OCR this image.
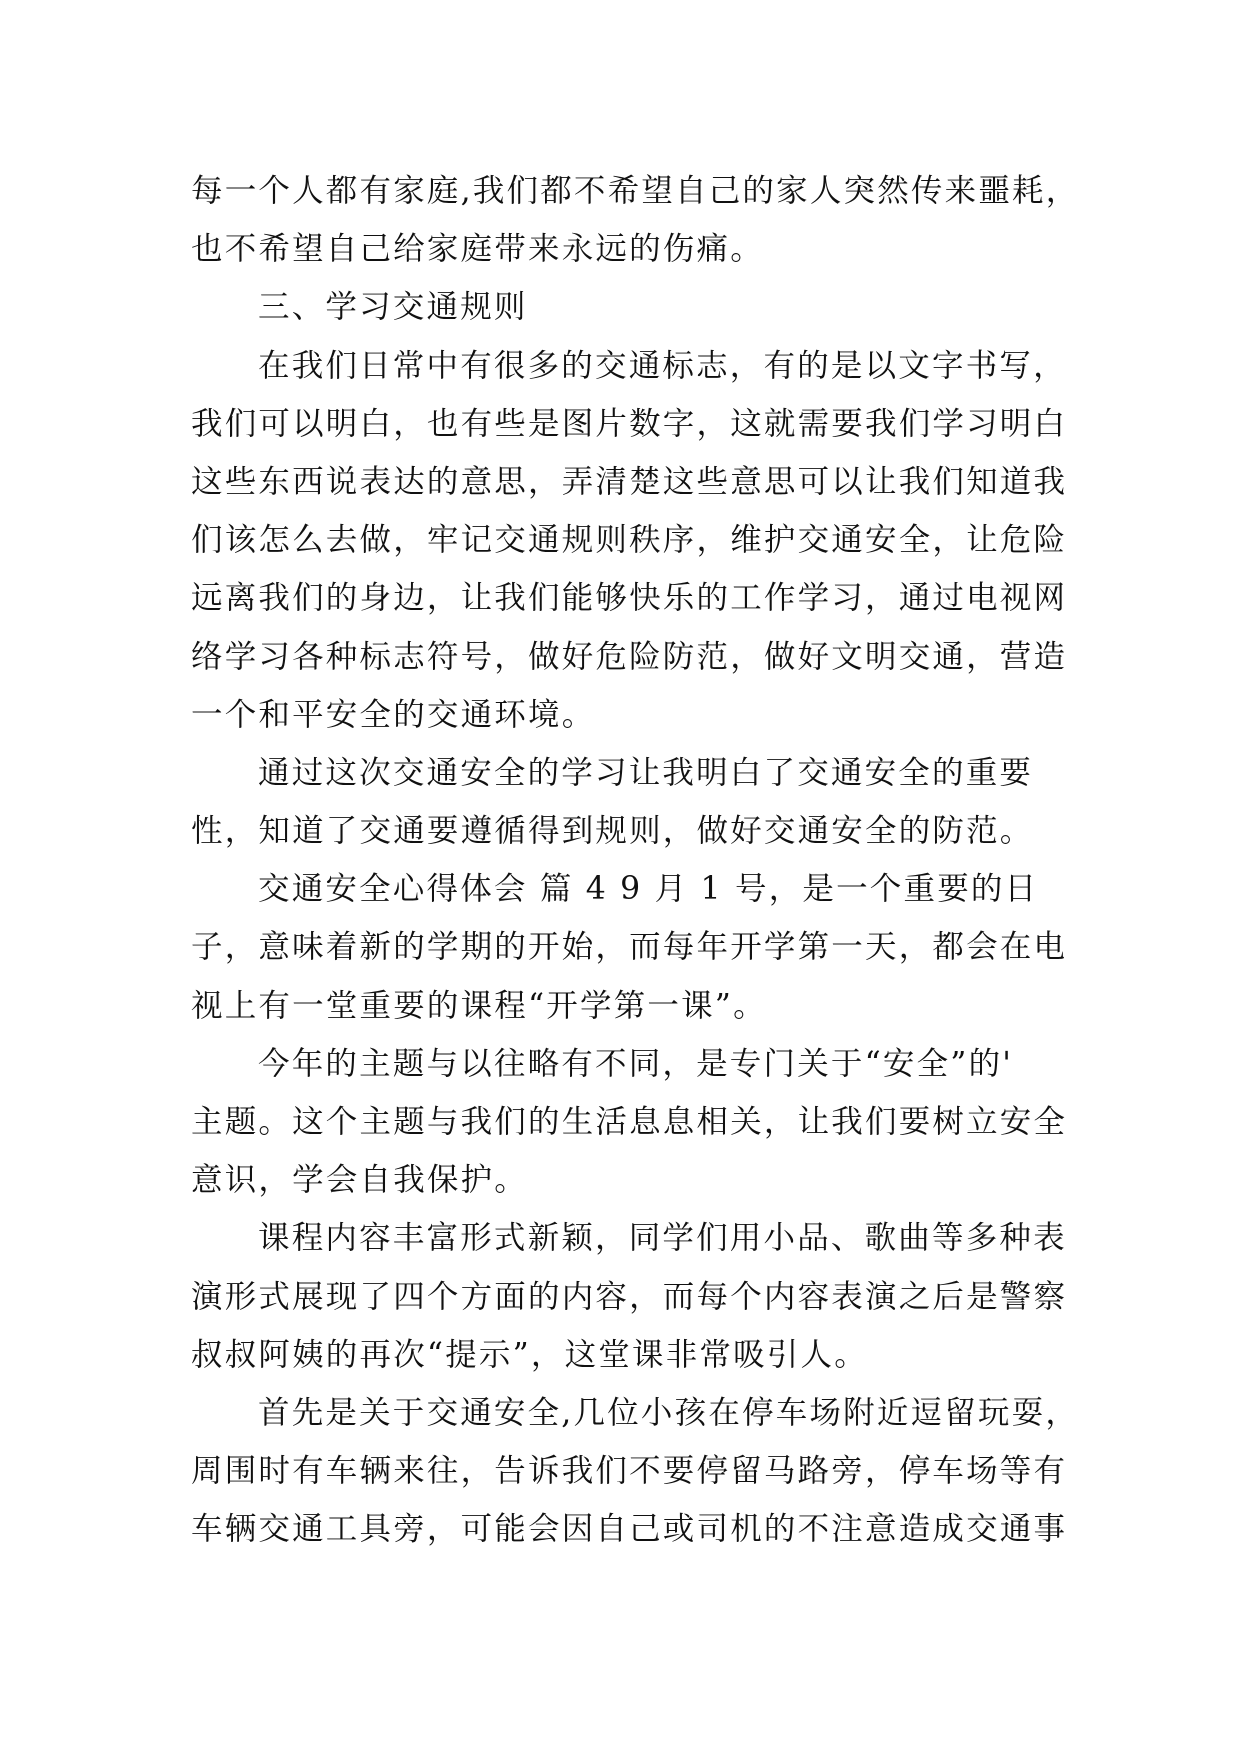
每一个人都有家庭,我们都不希望自己的家人突然传来噩耗，
也不希望自己给家庭带来永远的伤痛。
三、学习交通规则
在我们日常中有很多的交通标志，有的是以文字书写，
我们可以明白，也有些是图片数字，这就需要我们学习明白
这些东西说表达的意思，弄清楚这些意思可以让我们知道我
们该怎么去做，牢记交通规则秩序，维护交通安全，让危险
远离我们的身边，让我们能够快乐的工作学习，通过电视网
络学习各种标志符号，做好危险防范，做好文明交通，营造
一个和平安全的交通环境。
通过这次交通安全的学习让我明白了交通安全的重要
性，知道了交通要遵循得到规则，做好交通安全的防范。
交通安全心得体会 篇 4 9 月 1 号，是一个重要的日
子，意味着新的学期的开始，而每年开学第一天，都会在电
视上有一堂重要的课程“开学第一课”。
今年的主题与以往略有不同，是专门关于“安全”的'
主题。这个主题与我们的生活息息相关，让我们要树立安全
意识，学会自我保护。
课程内容丰富形式新颖，同学们用小品、歌曲等多种表
演形式展现了四个方面的内容，而每个内容表演之后是警察
叔叔阿姨的再次“提示”，这堂课非常吸引人。
首先是关于交通安全,几位小孩在停车场附近逗留玩耍，
周围时有车辆来往，告诉我们不要停留马路旁，停车场等有
车辆交通工具旁，可能会因自己或司机的不注意造成交通事
